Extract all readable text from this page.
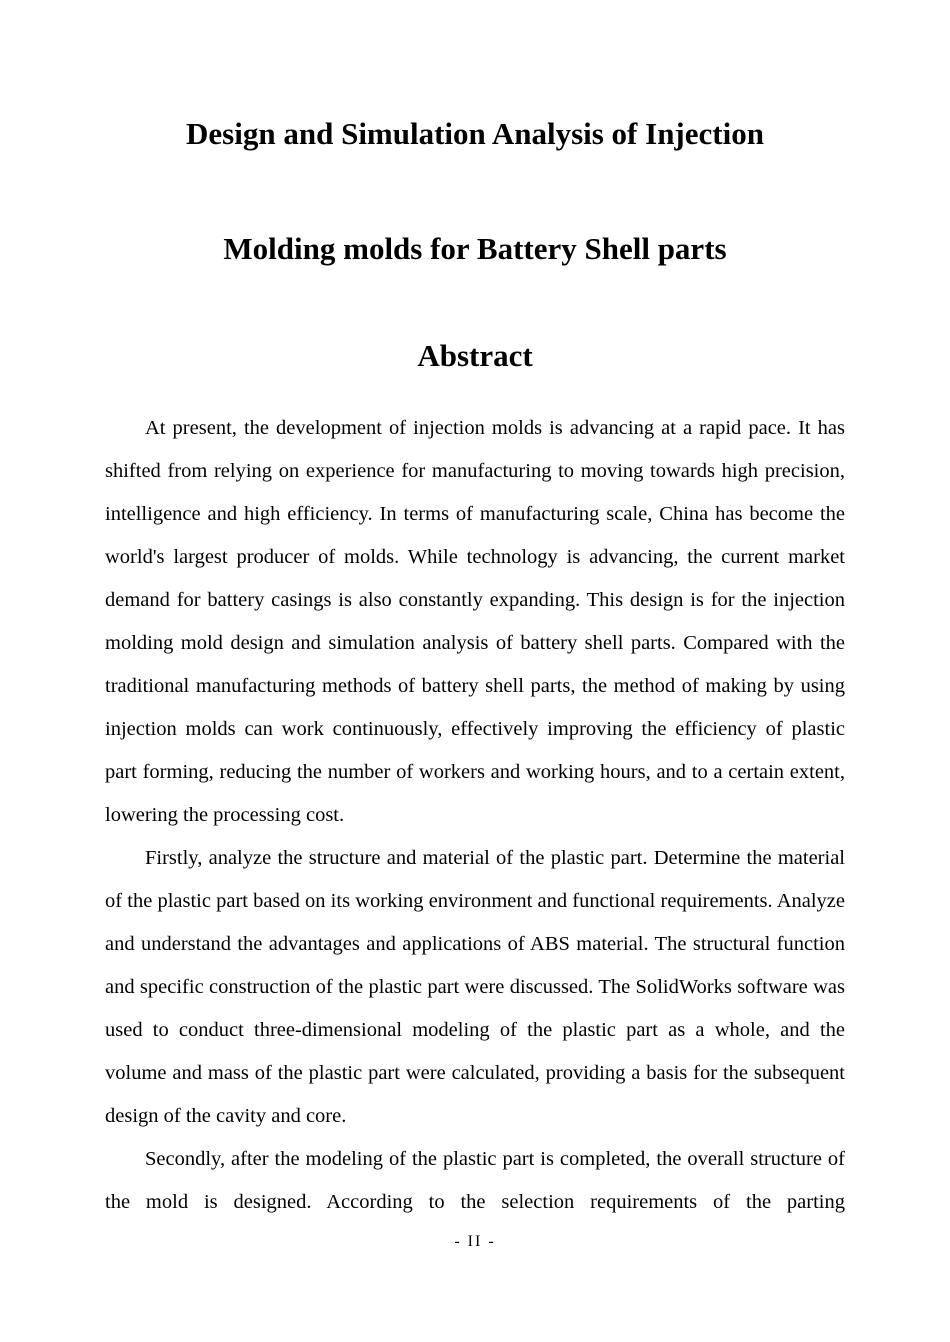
Design and Simulation Analysis of Injection
Molding molds for Battery Shell parts
Abstract

At present, the development of injection molds is advancing at a rapid pace. It has shifted from relying on experience for manufacturing to moving towards high precision, intelligence and high efficiency. In terms of manufacturing scale, China has become the world's largest producer of molds. While technology is advancing, the current market demand for battery casings is also constantly expanding. This design is for the injection molding mold design and simulation analysis of battery shell parts. Compared with the traditional manufacturing methods of battery shell parts, the method of making by using injection molds can work continuously, effectively improving the efficiency of plastic part forming, reducing the number of workers and working hours, and to a certain extent, lowering the processing cost.

Firstly, analyze the structure and material of the plastic part. Determine the material of the plastic part based on its working environment and functional requirements. Analyze and understand the advantages and applications of ABS material. The structural function and specific construction of the plastic part were discussed. The SolidWorks software was used to conduct three-dimensional modeling of the plastic part as a whole, and the volume and mass of the plastic part were calculated, providing a basis for the subsequent design of the cavity and core.

Secondly, after the modeling of the plastic part is completed, the overall structure of the mold is designed. According to the selection requirements of the parting

- II -
